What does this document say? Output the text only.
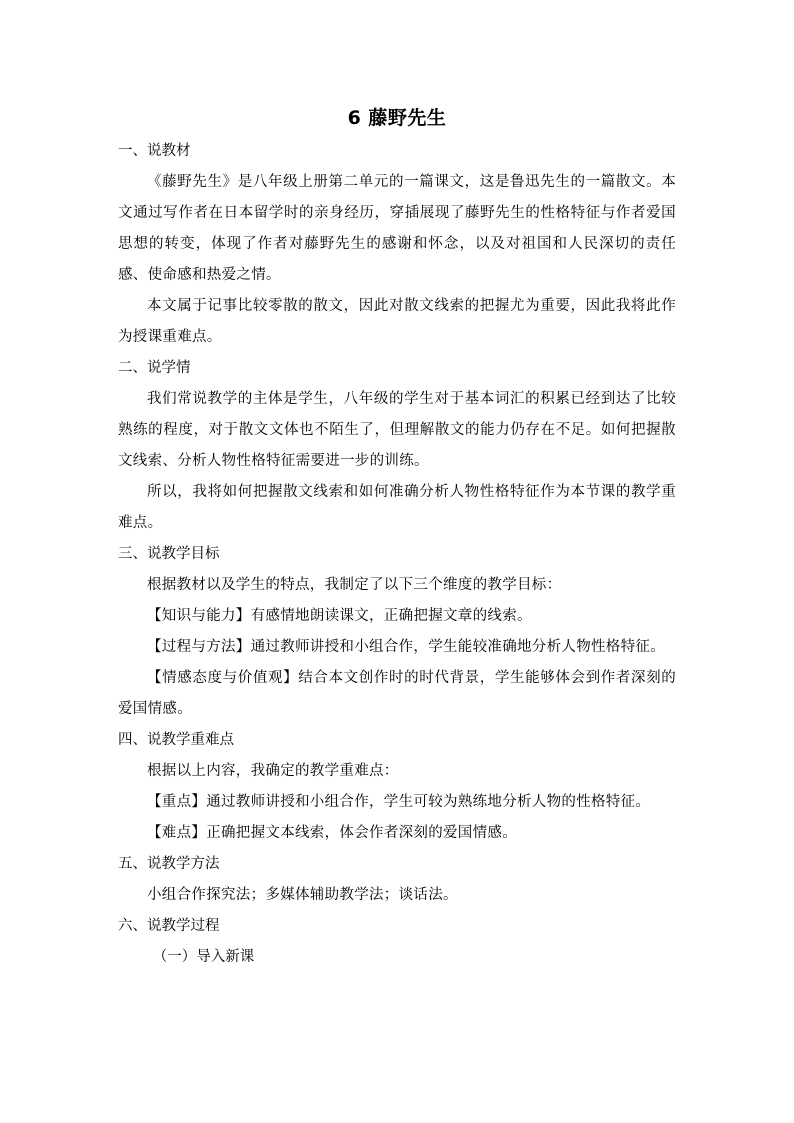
6 藤野先生

一、说教材

《藤野先生》是八年级上册第二单元的一篇课文，这是鲁迅先生的一篇散文。本文通过写作者在日本留学时的亲身经历，穿插展现了藤野先生的性格特征与作者爱国思想的转变，体现了作者对藤野先生的感谢和怀念，以及对祖国和人民深切的责任感、使命感和热爱之情。

本文属于记事比较零散的散文，因此对散文线索的把握尤为重要，因此我将此作为授课重难点。

二、说学情

我们常说教学的主体是学生，八年级的学生对于基本词汇的积累已经到达了比较熟练的程度，对于散文文体也不陌生了，但理解散文的能力仍存在不足。如何把握散文线索、分析人物性格特征需要进一步的训练。

所以，我将如何把握散文线索和如何准确分析人物性格特征作为本节课的教学重难点。

三、说教学目标

根据教材以及学生的特点，我制定了以下三个维度的教学目标：

【知识与能力】有感情地朗读课文，正确把握文章的线索。

【过程与方法】通过教师讲授和小组合作，学生能较准确地分析人物性格特征。

【情感态度与价值观】结合本文创作时的时代背景，学生能够体会到作者深刻的爱国情感。

四、说教学重难点

根据以上内容，我确定的教学重难点：

【重点】通过教师讲授和小组合作，学生可较为熟练地分析人物的性格特征。

【难点】正确把握文本线索，体会作者深刻的爱国情感。

五、说教学方法

小组合作探究法；多媒体辅助教学法；谈话法。

六、说教学过程

（一）导入新课
